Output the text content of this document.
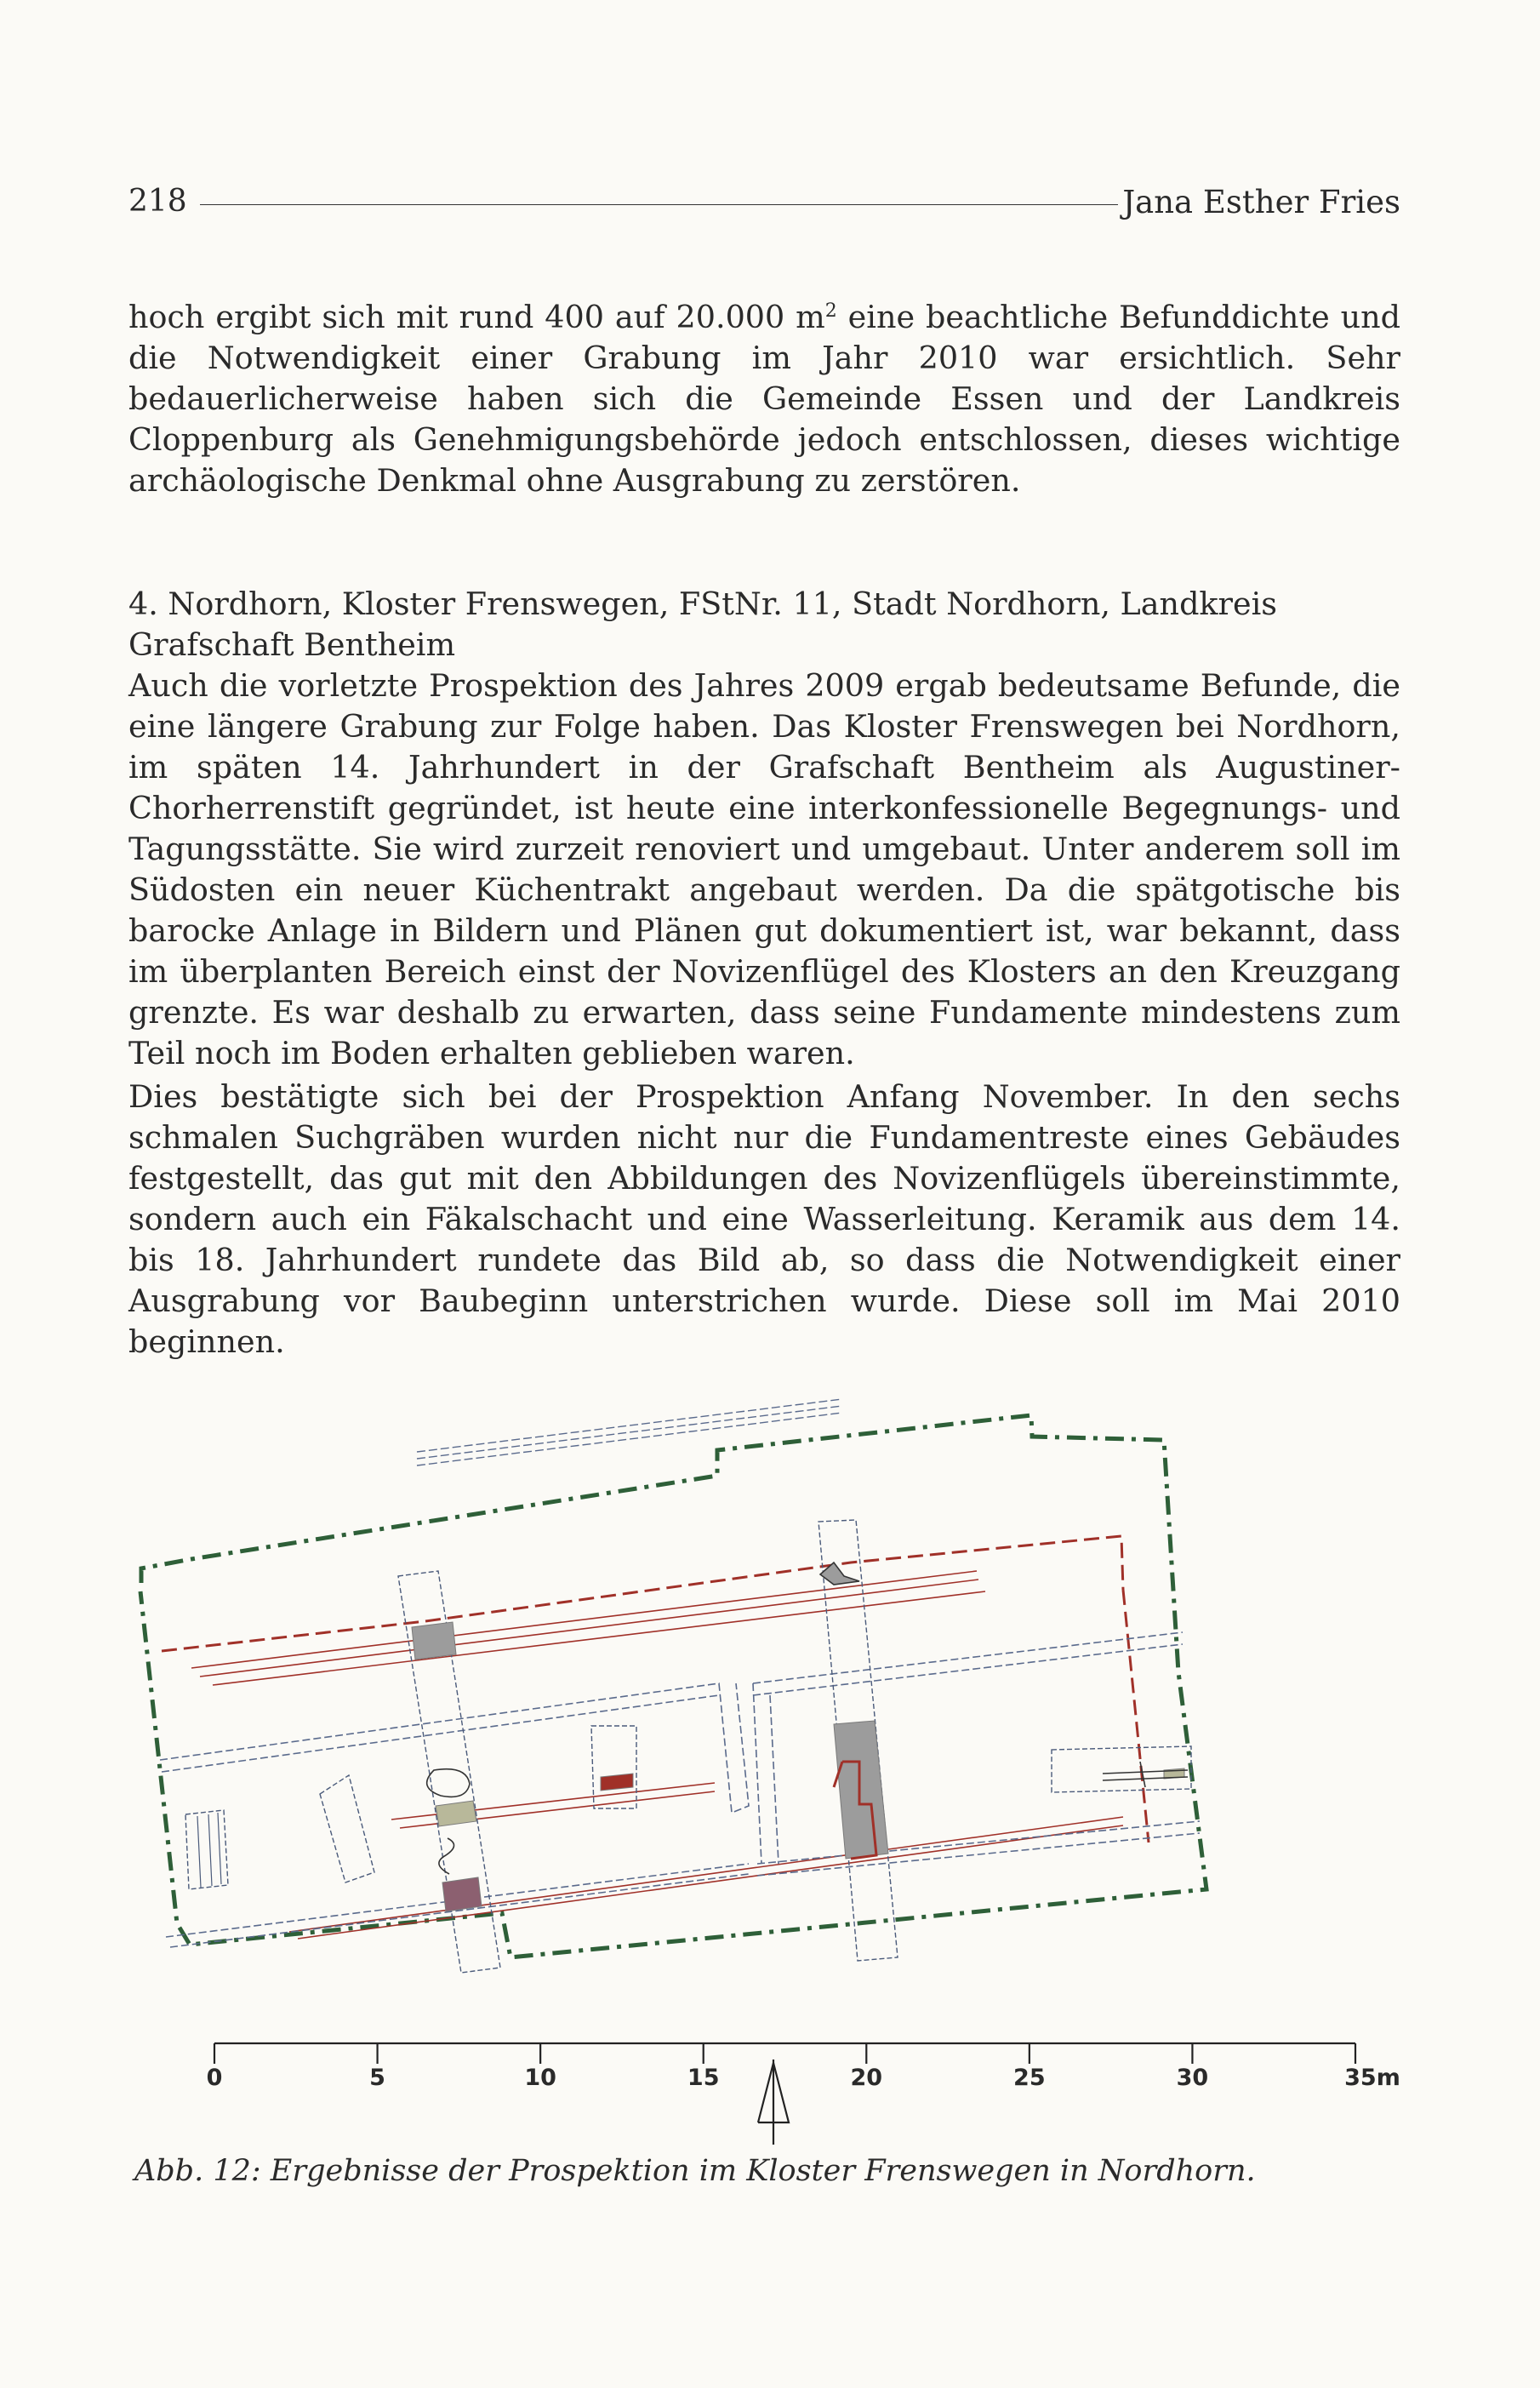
218	Jana Esther Fries

hoch ergibt sich mit rund 400 auf 20.000 $m^2$ eine beachtliche Befunddichte und die Notwendigkeit einer Grabung im Jahr 2010 war ersichtlich. Sehr bedauerlicherweise haben sich die Gemeinde Essen und der Landkreis Cloppenburg als Genehmigungsbehörde jedoch entschlossen, dieses wichtige archäologische Denkmal ohne Ausgrabung zu zerstören.

4. Nordhorn, Kloster Frenswegen, FStNr. 11, Stadt Nordhorn, Landkreis Grafschaft Bentheim

Auch die vorletzte Prospektion des Jahres 2009 ergab bedeutsame Befunde, die eine längere Grabung zur Folge haben. Das Kloster Frenswegen bei Nordhorn, im späten 14. Jahrhundert in der Grafschaft Bentheim als Augustiner-Chorherrenstift gegründet, ist heute eine interkonfessionelle Begegnungs- und Tagungsstätte. Sie wird zurzeit renoviert und umgebaut. Unter anderem soll im Südosten ein neuer Küchentrakt angebaut werden. Da die spätgotische bis barocke Anlage in Bildern und Plänen gut dokumentiert ist, war bekannt, dass im überplanten Bereich einst der Novizenflügel des Klosters an den Kreuzgang grenzte. Es war deshalb zu erwarten, dass seine Fundamente mindestens zum Teil noch im Boden erhalten geblieben waren.

Dies bestätigte sich bei der Prospektion Anfang November. In den sechs schmalen Suchgräben wurden nicht nur die Fundamentreste eines Gebäudes festgestellt, das gut mit den Abbildungen des Novizenflügels übereinstimmte, sondern auch ein Fäkalschacht und eine Wasserleitung. Keramik aus dem 14. bis 18. Jahrhundert rundete das Bild ab, so dass die Notwendigkeit einer Ausgrabung vor Baubeginn unterstrichen wurde. Diese soll im Mai 2010 beginnen.

0	5	10	15	20	25	30	35m
Abb. 12: Ergebnisse der Prospektion im Kloster Frenswegen in Nordhorn.
